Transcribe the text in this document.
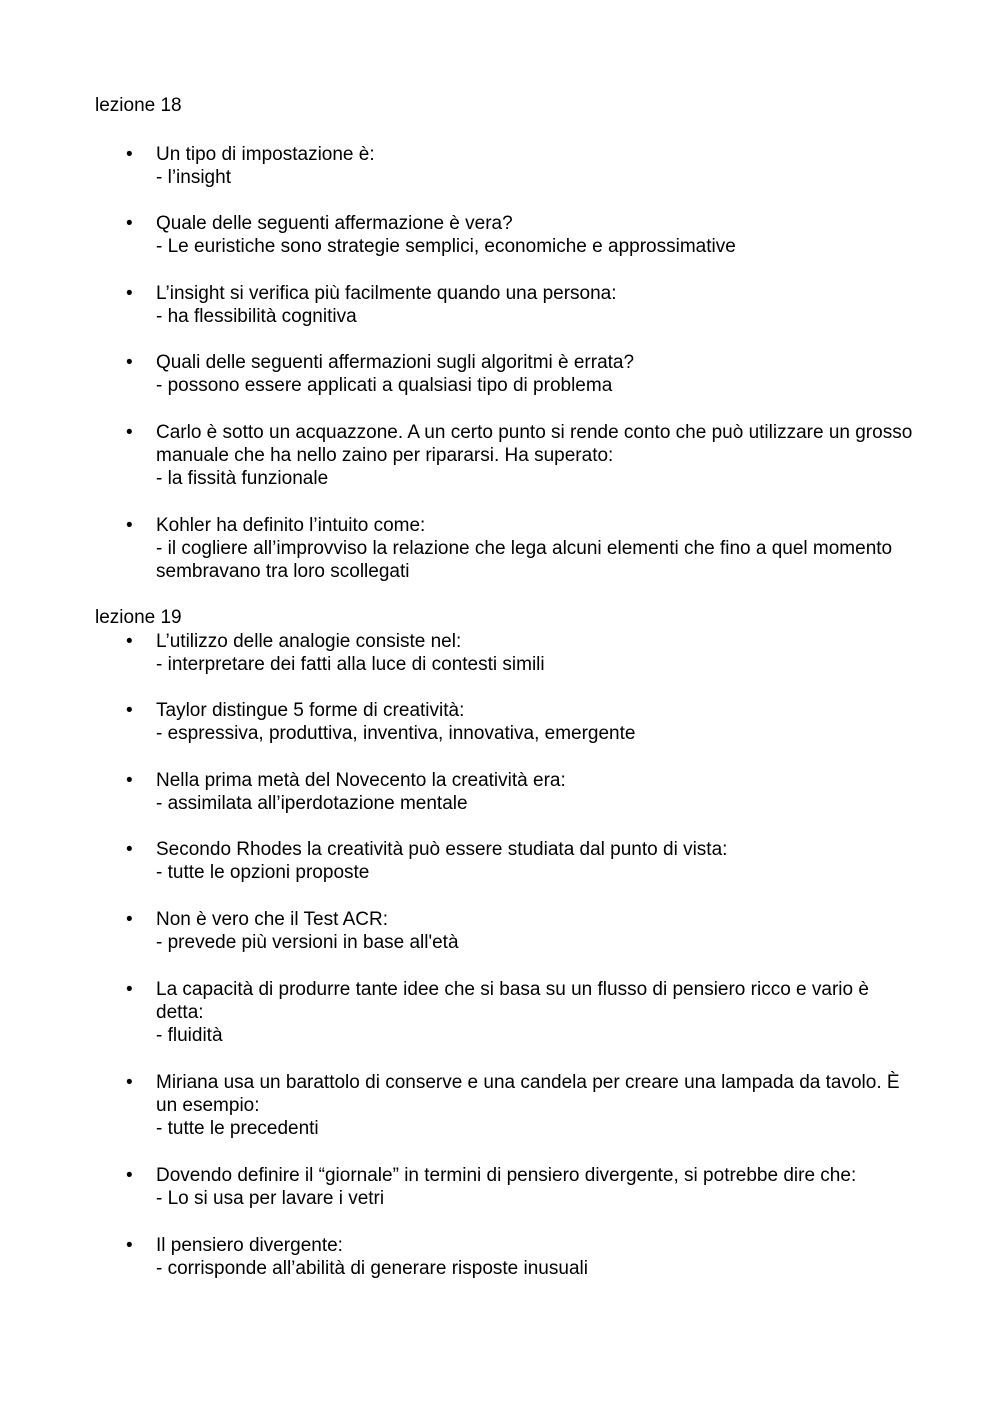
lezione 18
• Un tipo di impostazione è:
- l’insight
• Quale delle seguenti affermazione è vera?
- Le euristiche sono strategie semplici, economiche e approssimative
• L’insight si verifica più facilmente quando una persona:
- ha flessibilità cognitiva
• Quali delle seguenti affermazioni sugli algoritmi è errata?
- possono essere applicati a qualsiasi tipo di problema
• Carlo è sotto un acquazzone. A un certo punto si rende conto che può utilizzare un grosso manuale che ha nello zaino per ripararsi. Ha superato:
- la fissità funzionale
• Kohler ha definito l’intuito come:
- il cogliere all’improvviso la relazione che lega alcuni elementi che fino a quel momento sembravano tra loro scollegati
lezione 19
• L’utilizzo delle analogie consiste nel:
- interpretare dei fatti alla luce di contesti simili
• Taylor distingue 5 forme di creatività:
- espressiva, produttiva, inventiva, innovativa, emergente
• Nella prima metà del Novecento la creatività era:
- assimilata all’iperdotazione mentale
• Secondo Rhodes la creatività può essere studiata dal punto di vista:
- tutte le opzioni proposte
• Non è vero che il Test ACR:
- prevede più versioni in base all'età
• La capacità di produrre tante idee che si basa su un flusso di pensiero ricco e vario è detta:
- fluidità
• Miriana usa un barattolo di conserve e una candela per creare una lampada da tavolo. È un esempio:
- tutte le precedenti
• Dovendo definire il “giornale” in termini di pensiero divergente, si potrebbe dire che:
- Lo si usa per lavare i vetri
• Il pensiero divergente:
- corrisponde all’abilità di generare risposte inusuali
